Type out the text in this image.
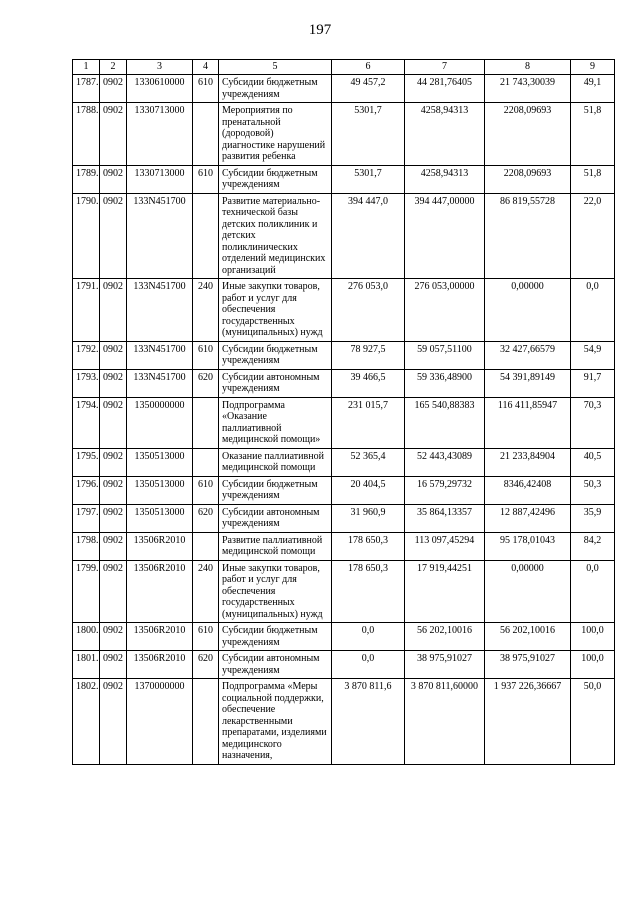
197
1	2	3	4	5	6	7	8	9
1787.	0902	1330610000	610	Субсидии бюджетным учреждениям	49 457,2	44 281,76405	21 743,30039	49,1
1788.	0902	1330713000		Мероприятия по пренатальной (дородовой) диагностике нарушений развития ребенка	5301,7	4258,94313	2208,09693	51,8
1789.	0902	1330713000	610	Субсидии бюджетным учреждениям	5301,7	4258,94313	2208,09693	51,8
1790.	0902	133N451700		Развитие материально-технической базы детских поликлиник и детских поликлинических отделений медицинских организаций	394 447,0	394 447,00000	86 819,55728	22,0
1791.	0902	133N451700	240	Иные закупки товаров, работ и услуг для обеспечения государственных (муниципальных) нужд	276 053,0	276 053,00000	0,00000	0,0
1792.	0902	133N451700	610	Субсидии бюджетным учреждениям	78 927,5	59 057,51100	32 427,66579	54,9
1793.	0902	133N451700	620	Субсидии автономным учреждениям	39 466,5	59 336,48900	54 391,89149	91,7
1794.	0902	1350000000		Подпрограмма «Оказание паллиативной медицинской помощи»	231 015,7	165 540,88383	116 411,85947	70,3
1795.	0902	1350513000		Оказание паллиативной медицинской помощи	52 365,4	52 443,43089	21 233,84904	40,5
1796.	0902	1350513000	610	Субсидии бюджетным учреждениям	20 404,5	16 579,29732	8346,42408	50,3
1797.	0902	1350513000	620	Субсидии автономным учреждениям	31 960,9	35 864,13357	12 887,42496	35,9
1798.	0902	13506R2010		Развитие паллиативной медицинской помощи	178 650,3	113 097,45294	95 178,01043	84,2
1799.	0902	13506R2010	240	Иные закупки товаров, работ и услуг для обеспечения государственных (муниципальных) нужд	178 650,3	17 919,44251	0,00000	0,0
1800.	0902	13506R2010	610	Субсидии бюджетным учреждениям	0,0	56 202,10016	56 202,10016	100,0
1801.	0902	13506R2010	620	Субсидии автономным учреждениям	0,0	38 975,91027	38 975,91027	100,0
1802.	0902	1370000000		Подпрограмма «Меры социальной поддержки, обеспечение лекарственными препаратами, изделиями медицинского назначения,	3 870 811,6	3 870 811,60000	1 937 226,36667	50,0
